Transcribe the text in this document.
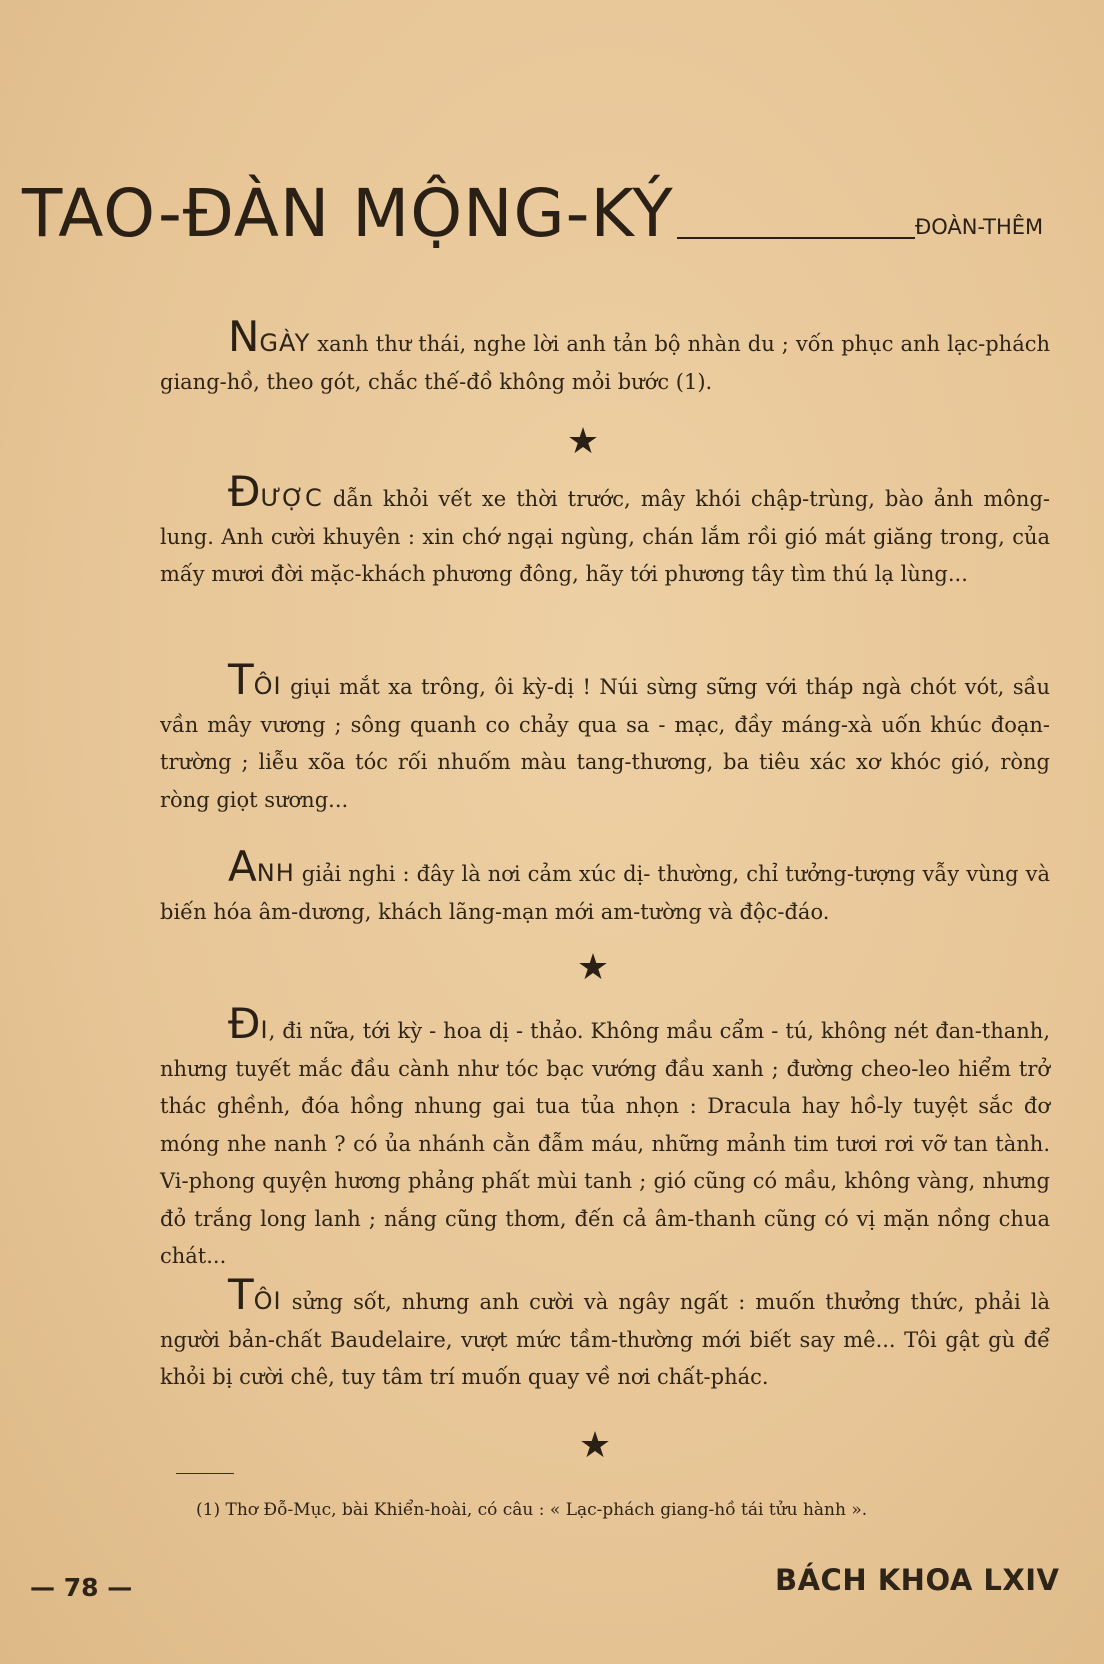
TAO-ĐÀN MỘNG-KÝ	ĐOÀN-THÊM
NGÀY xanh thư thái, nghe lời anh tản bộ nhàn du ; vốn phục anh lạc-phách giang-hồ, theo gót, chắc thế-đồ không mỏi bước (1).
★
ĐƯỢC dẫn khỏi vết xe thời trước, mây khói chập-trùng, bào ảnh mông-lung. Anh cười khuyên : xin chớ ngại ngùng, chán lắm rồi gió mát giăng trong, của mấy mươi đời mặc-khách phương đông, hãy tới phương tây tìm thú lạ lùng...
TÔI giụi mắt xa trông, ôi kỳ-dị ! Núi sừng sững với tháp ngà chót vót, sầu vần mây vương ; sông quanh co chảy qua sa - mạc, đầy máng-xà uốn khúc đoạn- trường ; liễu xõa tóc rối nhuốm màu tang-thương, ba tiêu xác xơ khóc gió, ròng ròng giọt sương...
ANH giải nghi : đây là nơi cảm xúc dị- thường, chỉ tưởng-tượng vẫy vùng và biến hóa âm-dương, khách lãng-mạn mới am-tường và độc-đáo.
★
ĐI, đi nữa, tới kỳ - hoa dị - thảo. Không mầu cẩm - tú, không nét đan-thanh, nhưng tuyết mắc đầu cành như tóc bạc vướng đầu xanh ; đường cheo-leo hiểm trở thác ghềnh, đóa hồng nhung gai tua tủa nhọn : Dracula hay hồ-ly tuyệt sắc đơ móng nhe nanh ? có ủa nhánh cằn đẫm máu, những mảnh tim tươi rơi vỡ tan tành. Vi-phong quyện hương phảng phất mùi tanh ; gió cũng có mầu, không vàng, nhưng đỏ trắng long lanh ; nắng cũng thơm, đến cả âm-thanh cũng có vị mặn nồng chua chát...
TÔI sửng sốt, nhưng anh cười và ngây ngất : muốn thưởng thức, phải là người bản-chất Baudelaire, vượt mức tầm-thường mới biết say mê... Tôi gật gù để khỏi bị cười chê, tuy tâm trí muốn quay về nơi chất-phác.
★
(1) Thơ Đỗ-Mục, bài Khiển-hoài, có câu : « Lạc-phách giang-hồ tái tửu hành ».
— 78 —	BÁCH KHOA LXIV
